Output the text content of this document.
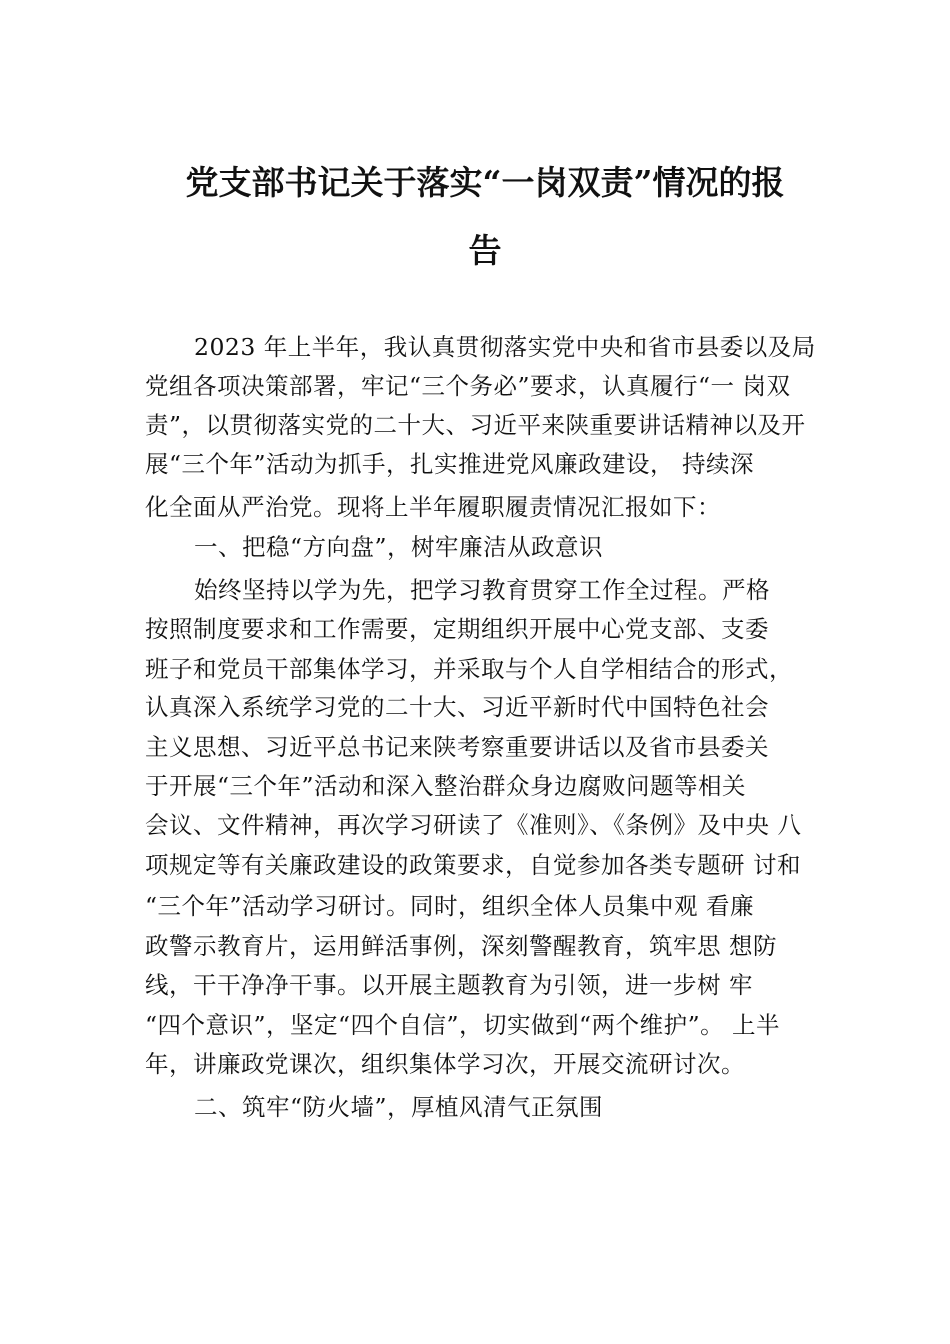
党支部书记关于落实“一岗双责”情况的报
告
2023 年上半年，我认真贯彻落实党中央和省市县委以及局
党组各项决策部署，牢记“三个务必”要求，认真履行“一 岗双
责”，以贯彻落实党的二十大、习近平来陕重要讲话精神以及开
展“三个年”活动为抓手，扎实推进党风廉政建设， 持续深
化全面从严治党。现将上半年履职履责情况汇报如下：
一、把稳“方向盘”，树牢廉洁从政意识
始终坚持以学为先，把学习教育贯穿工作全过程。严格
按照制度要求和工作需要，定期组织开展中心党支部、支委
班子和党员干部集体学习，并采取与个人自学相结合的形式，
认真深入系统学习党的二十大、习近平新时代中国特色社会
主义思想、习近平总书记来陕考察重要讲话以及省市县委关
于开展“三个年”活动和深入整治群众身边腐败问题等相关
会议、文件精神，再次学习研读了《准则》、《条例》及中央 八
项规定等有关廉政建设的政策要求，自觉参加各类专题研 讨和
“三个年”活动学习研讨。同时，组织全体人员集中观 看廉
政警示教育片，运用鲜活事例，深刻警醒教育，筑牢思 想防
线，干干净净干事。以开展主题教育为引领，进一步树 牢
“四个意识”，坚定“四个自信”，切实做到“两个维护”。 上半
年，讲廉政党课次，组织集体学习次，开展交流研讨次。
二、筑牢“防火墙”，厚植风清气正氛围
